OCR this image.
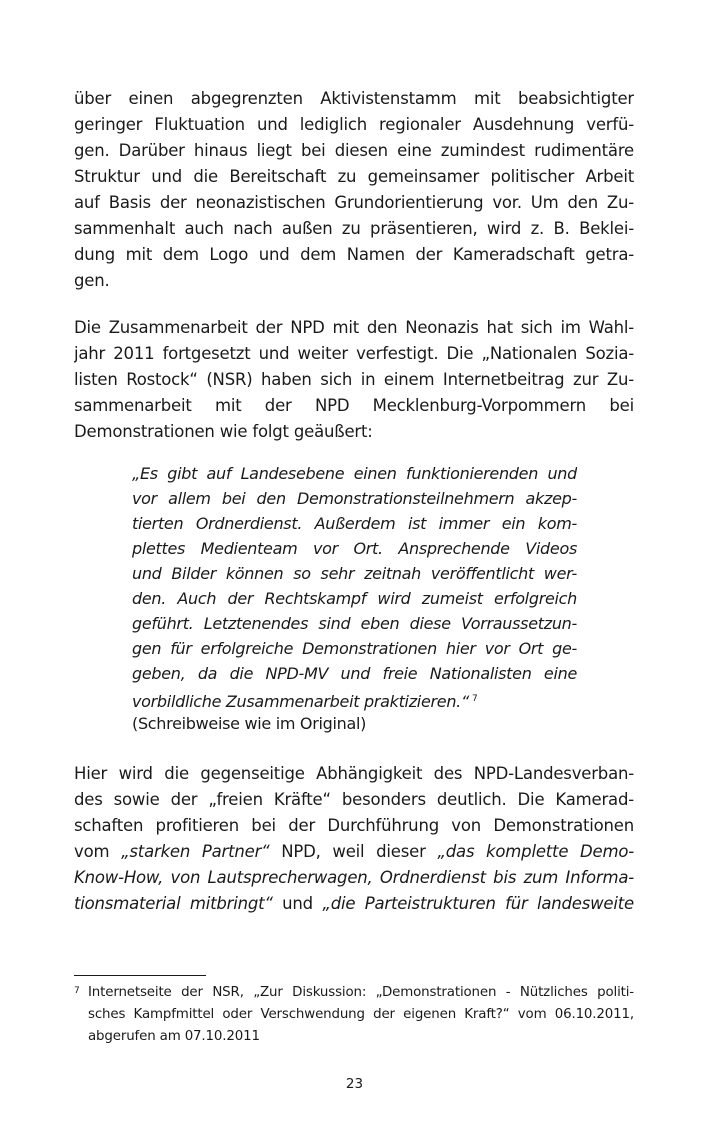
über einen abgegrenzten Aktivistenstamm mit beabsichtigter
geringer Fluktuation und lediglich regionaler Ausdehnung verfü-
gen. Darüber hinaus liegt bei diesen eine zumindest rudimentäre
Struktur und die Bereitschaft zu gemeinsamer politischer Arbeit
auf Basis der neonazistischen Grundorientierung vor. Um den Zu-
sammenhalt auch nach außen zu präsentieren, wird z. B. Beklei-
dung mit dem Logo und dem Namen der Kameradschaft getra-
gen.
Die Zusammenarbeit der NPD mit den Neonazis hat sich im Wahl-
jahr 2011 fortgesetzt und weiter verfestigt. Die „Nationalen Sozia-
listen Rostock“ (NSR) haben sich in einem Internetbeitrag zur Zu-
sammenarbeit mit der NPD Mecklenburg-Vorpommern bei
Demonstrationen wie folgt geäußert:
„Es gibt auf Landesebene einen funktionierenden und
vor allem bei den Demonstrationsteilnehmern akzep-
tierten Ordnerdienst. Außerdem ist immer ein kom-
plettes Medienteam vor Ort. Ansprechende Videos
und Bilder können so sehr zeitnah veröffentlicht wer-
den. Auch der Rechtskampf wird zumeist erfolgreich
geführt. Letztenendes sind eben diese Vorraussetzun-
gen für erfolgreiche Demonstrationen hier vor Ort ge-
geben, da die NPD-MV und freie Nationalisten eine
vorbildliche Zusammenarbeit praktizieren.“ $^7$
(Schreibweise wie im Original)
Hier wird die gegenseitige Abhängigkeit des NPD-Landesverban-
des sowie der „freien Kräfte“ besonders deutlich. Die Kamerad-
schaften profitieren bei der Durchführung von Demonstrationen
vom „starken Partner“ NPD, weil dieser „das komplette Demo-
Know-How, von Lautsprecherwagen, Ordnerdienst bis zum Informa-
tionsmaterial mitbringt“ und „die Parteistrukturen für landesweite
7 Internetseite der NSR, „Zur Diskussion: „Demonstrationen - Nützliches politi-
sches Kampfmittel oder Verschwendung der eigenen Kraft?“ vom 06.10.2011,
abgerufen am 07.10.2011
23
